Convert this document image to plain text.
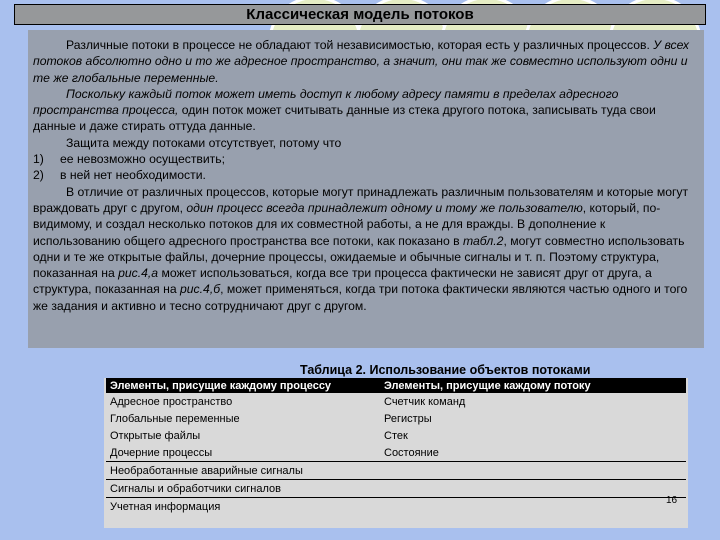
Классическая модель потоков

Различные потоки в процессе не обладают той независимостью, которая есть у различных процессов. У всех потоков абсолютно одно и то же адресное пространство, а значит, они так же совместно используют одни и те же глобальные переменные.

Поскольку каждый поток может иметь доступ к любому адресу памяти в пределах адресного пространства процесса, один поток может считывать данные из стека другого потока, записывать туда свои данные и даже стирать оттуда данные.

Защита между потоками отсутствует, потому что

1)	ее невозможно осуществить;
2)	в ней нет необходимости.

В отличие от различных процессов, которые могут принадлежать различным пользователям и которые могут враждовать друг с другом, один процесс всегда принадлежит одному и тому же пользователю, который, по-видимому, и создал несколько потоков для их совместной работы, а не для вражды. В дополнение к использованию общего адресного пространства все потоки, как показано в табл.2, могут совместно использовать одни и те же открытые файлы, дочерние процессы, ожидаемые и обычные сигналы и т. п. Поэтому структура, показанная на рис.4,а может использоваться, когда все три процесса фактически не зависят друг от друга, а структура, показанная на рис.4,б, может применяться, когда три потока фактически являются частью одного и того же задания и активно и тесно сотрудничают друг с другом.

Таблица 2. Использование объектов потоками
Элементы, присущие каждому процессу	Элементы, присущие каждому потоку
Адресное пространство	Счетчик команд
Глобальные переменные	Регистры
Открытые файлы	Стек
Дочерние процессы	Состояние
Необработанные аварийные сигналы	
Сигналы и обработчики сигналов	
Учетная информация		16
